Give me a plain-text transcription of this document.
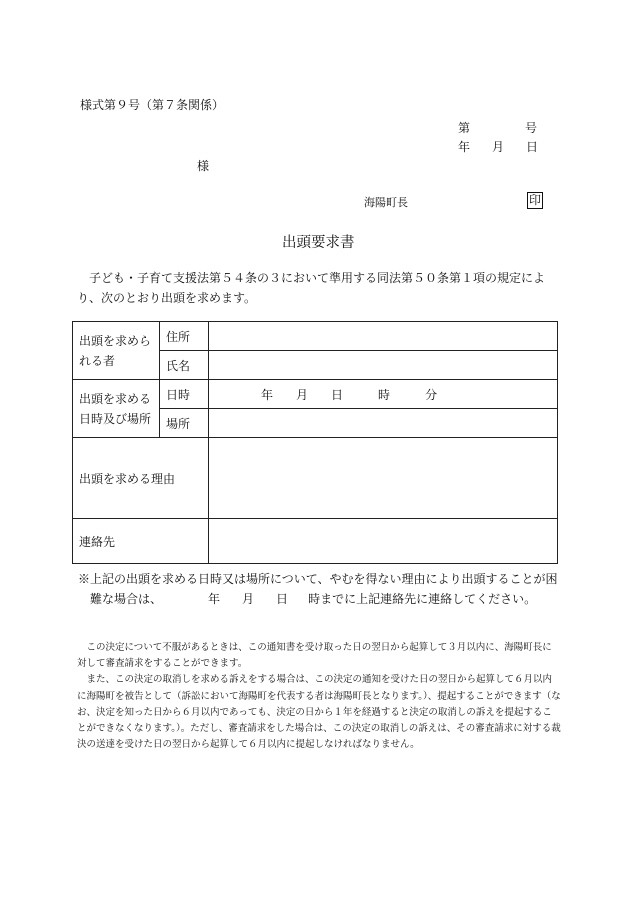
様式第９号（第７条関係）
第	号
年 月 日
様
海陽町長	印
出頭要求書
子ども・子育て支援法第５４条の３において準用する同法第５０条第１項の規定により、次のとおり出頭を求めます。
出頭を求められる者	住所	
	氏名	
出頭を求める日時及び場所	日時	年 月 日 時 分
	場所	
出頭を求める理由		
連絡先		
※上記の出頭を求める日時又は場所について、やむを得ない理由により出頭することが困
難な場合は、	年 月 日 時までに上記連絡先に連絡してください。

この決定について不服があるときは、この通知書を受け取った日の翌日から起算して３月以内に、海陽町長に対して審査請求をすることができます。

また、この決定の取消しを求める訴えをする場合は、この決定の通知を受けた日の翌日から起算して６月以内に海陽町を被告として（訴訟において海陽町を代表する者は海陽町長となります。）、提起することができます（なお、決定を知った日から６月以内であっても、決定の日から１年を経過すると決定の取消しの訴えを提起することができなくなります。）。ただし、審査請求をした場合は、この決定の取消しの訴えは、その審査請求に対する裁決の送達を受けた日の翌日から起算して６月以内に提起しなければなりません。
